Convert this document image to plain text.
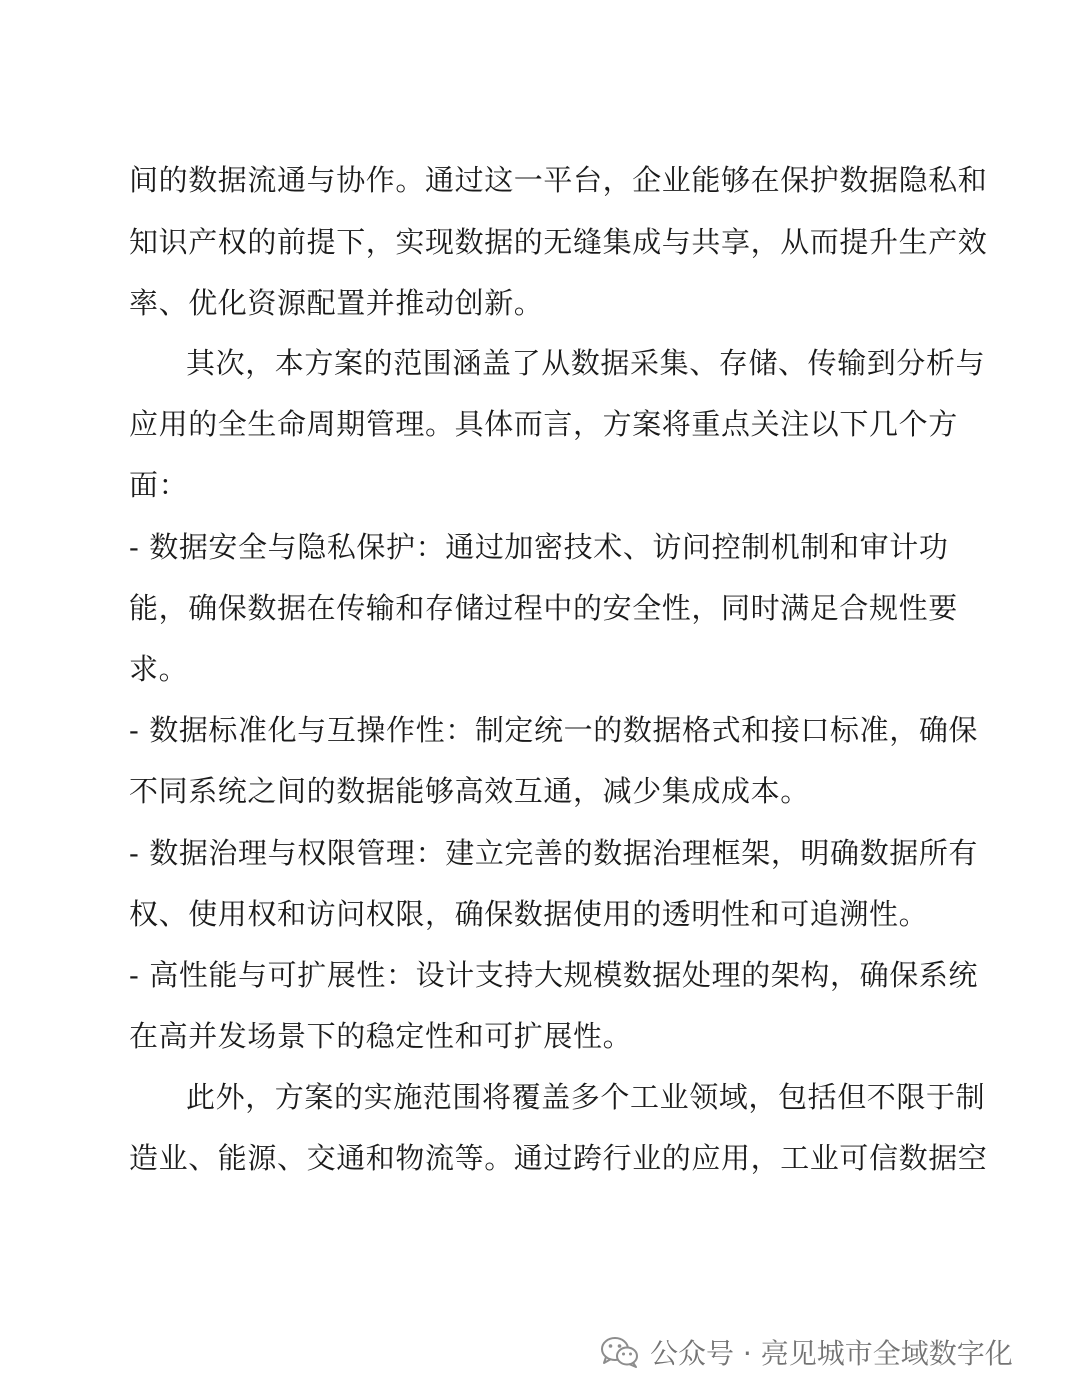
间的数据流通与协作。通过这一平台，企业能够在保护数据隐私和
知识产权的前提下，实现数据的无缝集成与共享，从而提升生产效
率、优化资源配置并推动创新。
其次，本方案的范围涵盖了从数据采集、存储、传输到分析与
应用的全生命周期管理。具体而言，方案将重点关注以下几个方
面：
- 数据安全与隐私保护：通过加密技术、访问控制机制和审计功
能，确保数据在传输和存储过程中的安全性，同时满足合规性要
求。
- 数据标准化与互操作性：制定统一的数据格式和接口标准，确保
不同系统之间的数据能够高效互通，减少集成成本。
- 数据治理与权限管理：建立完善的数据治理框架，明确数据所有
权、使用权和访问权限，确保数据使用的透明性和可追溯性。
- 高性能与可扩展性：设计支持大规模数据处理的架构，确保系统
在高并发场景下的稳定性和可扩展性。
此外，方案的实施范围将覆盖多个工业领域，包括但不限于制
造业、能源、交通和物流等。通过跨行业的应用，工业可信数据空
公众号 · 亮见城市全域数字化
